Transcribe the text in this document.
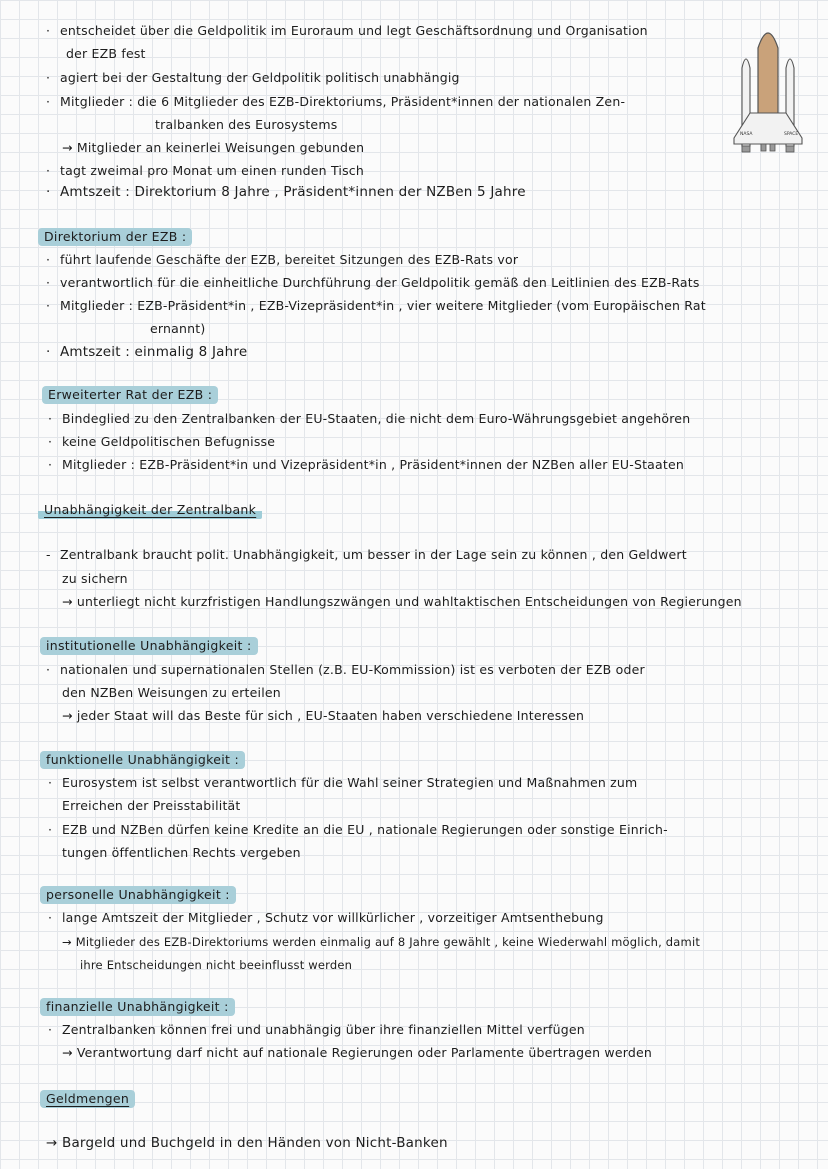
· entscheidet über die Geldpolitik im Euroraum und legt Geschäftsordnung und Organisation
der EZB fest
· agiert bei der Gestaltung der Geldpolitik politisch unabhängig
· Mitglieder : die 6 Mitglieder des EZB-Direktoriums, Präsident*innen der nationalen Zen-
tralbanken des Eurosystems
→ Mitglieder an keinerlei Weisungen gebunden
· tagt zweimal pro Monat um einen runden Tisch
· Amtszeit : Direktorium 8 Jahre , Präsident*innen der NZBen 5 Jahre
Direktorium der EZB :
· führt laufende Geschäfte der EZB, bereitet Sitzungen des EZB-Rats vor
· verantwortlich für die einheitliche Durchführung der Geldpolitik gemäß den Leitlinien des EZB-Rats
· Mitglieder : EZB-Präsident*in , EZB-Vizepräsident*in , vier weitere Mitglieder (vom Europäischen Rat
ernannt)
· Amtszeit : einmalig 8 Jahre
Erweiterter Rat der EZB :
· Bindeglied zu den Zentralbanken der EU-Staaten, die nicht dem Euro-Währungsgebiet angehören
· keine Geldpolitischen Befugnisse
· Mitglieder : EZB-Präsident*in und Vizepräsident*in , Präsident*innen der NZBen aller EU-Staaten
Unabhängigkeit der Zentralbank
- Zentralbank braucht polit. Unabhängigkeit, um besser in der Lage sein zu können , den Geldwert
zu sichern
→ unterliegt nicht kurzfristigen Handlungszwängen und wahltaktischen Entscheidungen von Regierungen
institutionelle Unabhängigkeit :
· nationalen und supernationalen Stellen (z.B. EU-Kommission) ist es verboten der EZB oder
den NZBen Weisungen zu erteilen
→ jeder Staat will das Beste für sich , EU-Staaten haben verschiedene Interessen
funktionelle Unabhängigkeit :
· Eurosystem ist selbst verantwortlich für die Wahl seiner Strategien und Maßnahmen zum
Erreichen der Preisstabilität
· EZB und NZBen dürfen keine Kredite an die EU , nationale Regierungen oder sonstige Einrich-
tungen öffentlichen Rechts vergeben
personelle Unabhängigkeit :
· lange Amtszeit der Mitglieder , Schutz vor willkürlicher , vorzeitiger Amtsenthebung
→ Mitglieder des EZB-Direktoriums werden einmalig auf 8 Jahre gewählt , keine Wiederwahl möglich, damit
ihre Entscheidungen nicht beeinflusst werden
finanzielle Unabhängigkeit :
· Zentralbanken können frei und unabhängig über ihre finanziellen Mittel verfügen
→ Verantwortung darf nicht auf nationale Regierungen oder Parlamente übertragen werden
Geldmengen
→ Bargeld und Buchgeld in den Händen von Nicht-Banken
NASA	SPACE
